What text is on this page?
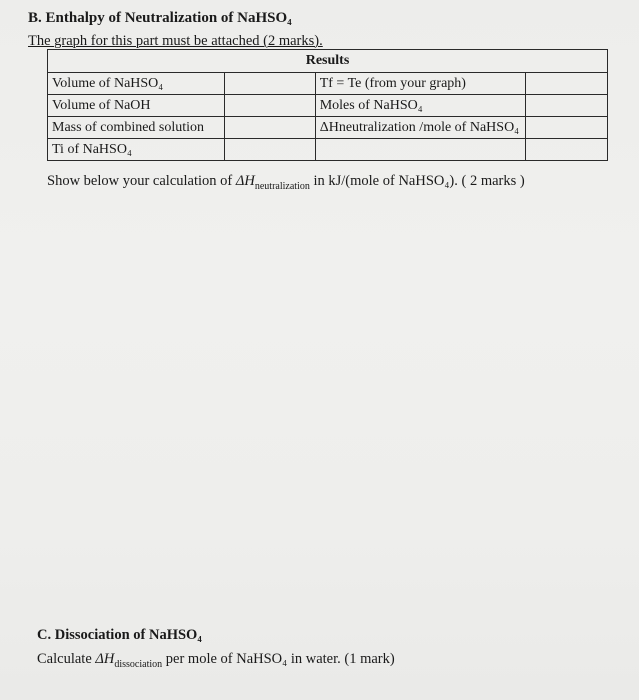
B. Enthalpy of Neutralization of NaHSO₄
The graph for this part must be attached (2 marks).
Results			
Volume of NaHSO₄		Tf = Te (from your graph)	
Volume of NaOH		Moles of NaHSO₄	
Mass of combined solution		ΔHneutralization /mole of NaHSO₄	
Ti of NaHSO₄			
Show below your calculation of $\Delta H_{neutralization}$ in kJ/(mole of NaHSO₄). ( 2 marks )
C. Dissociation of NaHSO₄
Calculate $\Delta H_{dissociation}$ per mole of NaHSO₄ in water. (1 mark)
